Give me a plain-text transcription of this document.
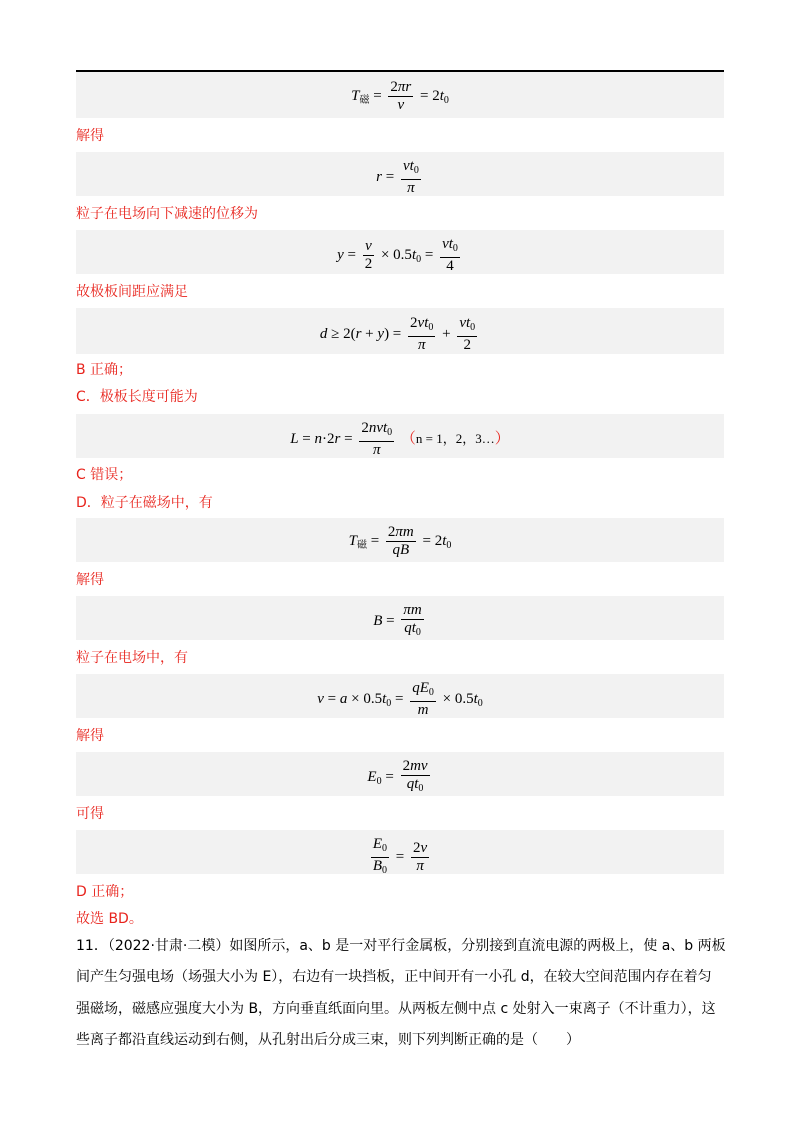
$T_磁 = \frac{2\pi r}{v} = 2t_0$
解得
$r = \frac{vt_0}{\pi}$
粒子在电场向下减速的位移为
$y = \frac{v}{2} \times 0.5t_0 = \frac{vt_0}{4}$
故极板间距应满足
$d \ge 2(r + y) = \frac{2vt_0}{\pi} + \frac{vt_0}{2}$
B 正确；
C．极板长度可能为
$L = n\cdot 2r = \frac{2nvt_0}{\pi} (n = 1$，2，3…）
C 错误；
D．粒子在磁场中，有
$T_磁 = \frac{2\pi m}{qB} = 2t_0$
解得
$B = \frac{\pi m}{qt_0}$
粒子在电场中，有
$v = a \times 0.5t_0 = \frac{qE_0}{m} \times 0.5t_0$
解得
$E_0 = \frac{2mv}{qt_0}$
可得
$\frac{E_0}{B_0} = \frac{2v}{\pi}$
D 正确；
故选 BD。
11．（2022·甘肃·二模）如图所示，a、b 是一对平行金属板，分别接到直流电源的两极上，使 a、b 两板
间产生匀强电场（场强大小为 E），右边有一块挡板，正中间开有一小孔 d，在较大空间范围内存在着匀
强磁场，磁感应强度大小为 B，方向垂直纸面向里。从两板左侧中点 c 处射入一束离子（不计重力），这
些离子都沿直线运动到右侧，从孔射出后分成三束，则下列判断正确的是（　　）
